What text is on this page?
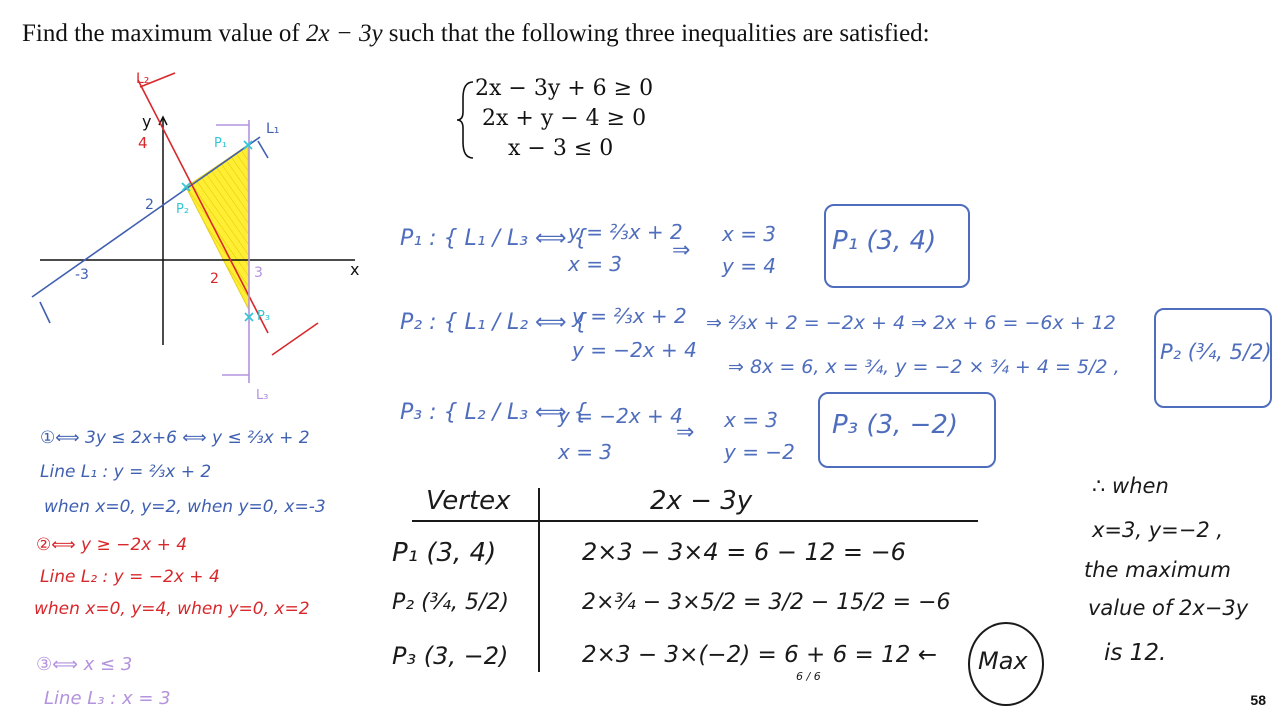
Find the maximum value of 2x − 3y such that the following three inequalities are satisfied:
2x − 3y + 6 ≥ 0
2x + y − 4 ≥ 0
x − 3 ≤ 0
L₁
L₂
L₃
x
y
P₁
P₂
P₃
4
2
-3	2	3
①⟺ 3y ≤ 2x+6 ⟺ y ≤ ⅔x + 2
Line L₁ : y = ⅔x + 2
when x=0, y=2, when y=0, x=-3
②⟺ y ≥ −2x + 4
Line L₂ : y = −2x + 4
when x=0, y=4, when y=0, x=2
③⟺ x ≤ 3
Line L₃ : x = 3
P₁ : { L₁ / L₃ ⟺ {
y = ⅔x + 2
x = 3
⇒
x = 3
y = 4
P₁ (3, 4)
P₂ : { L₁ / L₂ ⟺ {
y = ⅔x + 2
y = −2x + 4
⇒ ⅔x + 2 = −2x + 4 ⇒ 2x + 6 = −6x + 12
⇒ 8x = 6, x = ¾, y = −2 × ¾ + 4 = 5/2 ,
P₂ (¾, 5/2)
P₃ : { L₂ / L₃ ⟺ {
y = −2x + 4
x = 3
⇒ x = 3
y = −2
P₃ (3, −2)
Vertex	2x − 3y
P₁ (3, 4)	2×3 − 3×4 = 6 − 12 = −6
P₂ (¾, 5/2)	2×¾ − 3×5/2 = 3/2 − 15/2 = −6
P₃ (3, −2)	2×3 − 3×(−2) = 6 + 6 = 12 ←
6 / 6
Max
∴ when
x=3, y=−2 ,
the maximum
value of 2x−3y
is 12.
58
